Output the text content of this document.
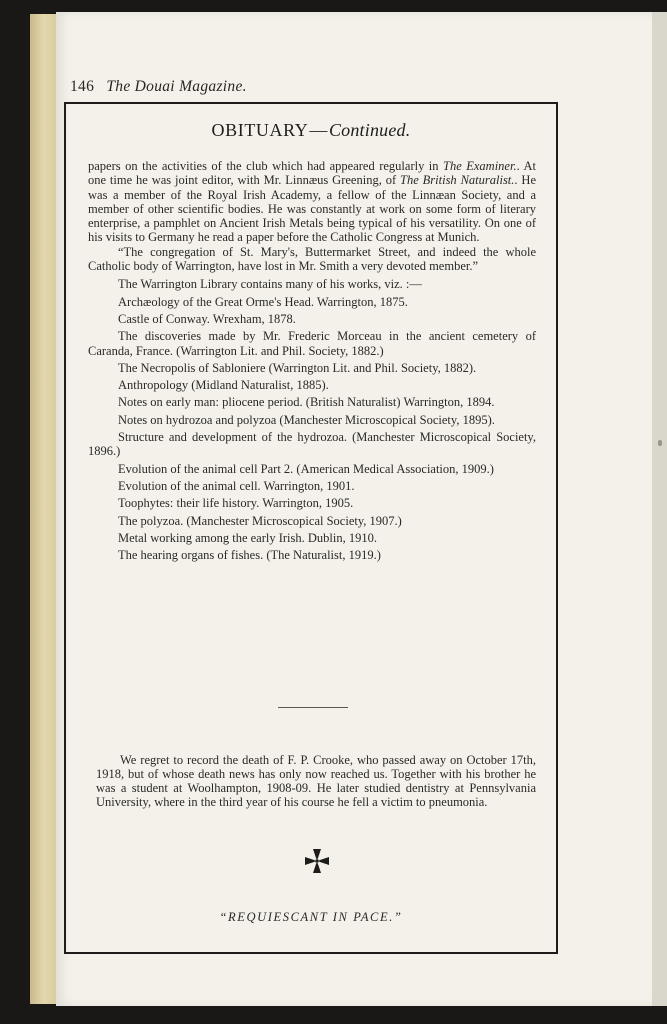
146 The Douai Magazine.
OBITUARY—Continued.

papers on the activities of the club which had appeared regularly in The Examiner.. At one time he was joint editor, with Mr. Linnæus Greening, of The British Naturalist.. He was a member of the Royal Irish Academy, a fellow of the Linnæan Society, and a member of other scientific bodies. He was constantly at work on some form of literary enterprise, a pamphlet on Ancient Irish Metals being typical of his versatility. On one of his visits to Germany he read a paper before the Catholic Congress at Munich.

“The congregation of St. Mary's, Buttermarket Street, and indeed the whole Catholic body of Warrington, have lost in Mr. Smith a very devoted member.”

The Warrington Library contains many of his works, viz. :—

Archæology of the Great Orme's Head. Warrington, 1875.

Castle of Conway. Wrexham, 1878.

The discoveries made by Mr. Frederic Morceau in the ancient cemetery of Caranda, France. (Warrington Lit. and Phil. Society, 1882.)

The Necropolis of Sabloniere (Warrington Lit. and Phil. Society, 1882).

Anthropology (Midland Naturalist, 1885).

Notes on early man: pliocene period. (British Naturalist) Warrington, 1894.

Notes on hydrozoa and polyzoa (Manchester Microscopical Society, 1895).

Structure and development of the hydrozoa. (Manchester Microscopical Society, 1896.)

Evolution of the animal cell Part 2. (American Medical Association, 1909.)

Evolution of the animal cell. Warrington, 1901.

Toophytes: their life history. Warrington, 1905.

The polyzoa. (Manchester Microscopical Society, 1907.)

Metal working among the early Irish. Dublin, 1910.

The hearing organs of fishes. (The Naturalist, 1919.)

We regret to record the death of F. P. Crooke, who passed away on October 17th, 1918, but of whose death news has only now reached us. Together with his brother he was a student at Woolhampton, 1908-09. He later studied dentistry at Pennsylvania University, where in the third year of his course he fell a victim to pneumonia.

“REQUIESCANT IN PACE.”
